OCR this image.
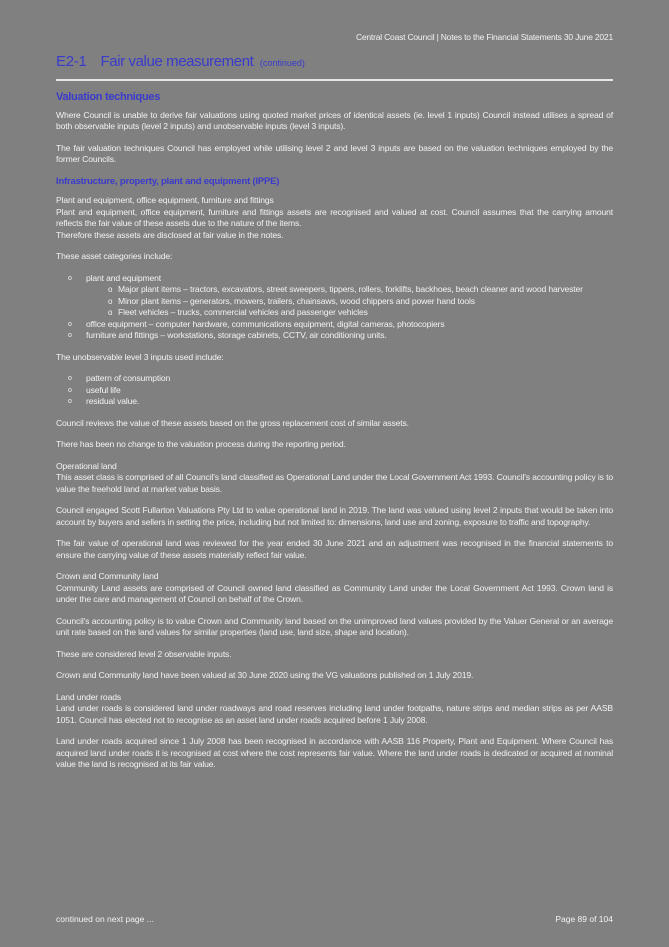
Central Coast Council | Notes to the Financial Statements 30 June 2021
E2-1 Fair value measurement (continued)
Valuation techniques

Where Council is unable to derive fair valuations using quoted market prices of identical assets (ie. level 1 inputs) Council instead utilises a spread of both observable inputs (level 2 inputs) and unobservable inputs (level 3 inputs).

The fair valuation techniques Council has employed while utilising level 2 and level 3 inputs are based on the valuation techniques employed by the former Councils.

Infrastructure, property, plant and equipment (IPPE)
Plant and equipment, office equipment, furniture and fittings

Plant and equipment, office equipment, furniture and fittings assets are recognised and valued at cost. Council assumes that the carrying amount reflects the fair value of these assets due to the nature of the items.

Therefore these assets are disclosed at fair value in the notes.

These asset categories include:

o plant and equipment
o Major plant items – tractors, excavators, street sweepers, tippers, rollers, forklifts, backhoes, beach cleaner and wood harvester
o Minor plant items – generators, mowers, trailers, chainsaws, wood chippers and power hand tools
o Fleet vehicles – trucks, commercial vehicles and passenger vehicles
o office equipment – computer hardware, communications equipment, digital cameras, photocopiers
o furniture and fittings – workstations, storage cabinets, CCTV, air conditioning units.

The unobservable level 3 inputs used include:

o pattern of consumption
o useful life
o residual value.

Council reviews the value of these assets based on the gross replacement cost of similar assets.

There has been no change to the valuation process during the reporting period.

Operational land

This asset class is comprised of all Council's land classified as Operational Land under the Local Government Act 1993. Council's accounting policy is to value the freehold land at market value basis.

Council engaged Scott Fullarton Valuations Pty Ltd to value operational land in 2019. The land was valued using level 2 inputs that would be taken into account by buyers and sellers in setting the price, including but not limited to: dimensions, land use and zoning, exposure to traffic and topography.

The fair value of operational land was reviewed for the year ended 30 June 2021 and an adjustment was recognised in the financial statements to ensure the carrying value of these assets materially reflect fair value.

Crown and Community land

Community Land assets are comprised of Council owned land classified as Community Land under the Local Government Act 1993. Crown land is under the care and management of Council on behalf of the Crown.

Council's accounting policy is to value Crown and Community land based on the unimproved land values provided by the Valuer General or an average unit rate based on the land values for similar properties (land use, land size, shape and location).

These are considered level 2 observable inputs.

Crown and Community land have been valued at 30 June 2020 using the VG valuations published on 1 July 2019.

Land under roads

Land under roads is considered land under roadways and road reserves including land under footpaths, nature strips and median strips as per AASB 1051. Council has elected not to recognise as an asset land under roads acquired before 1 July 2008.

Land under roads acquired since 1 July 2008 has been recognised in accordance with AASB 116 Property, Plant and Equipment. Where Council has acquired land under roads it is recognised at cost where the cost represents fair value. Where the land under roads is dedicated or acquired at nominal value the land is recognised at its fair value.

continued on next page ...	Page 89 of 104
